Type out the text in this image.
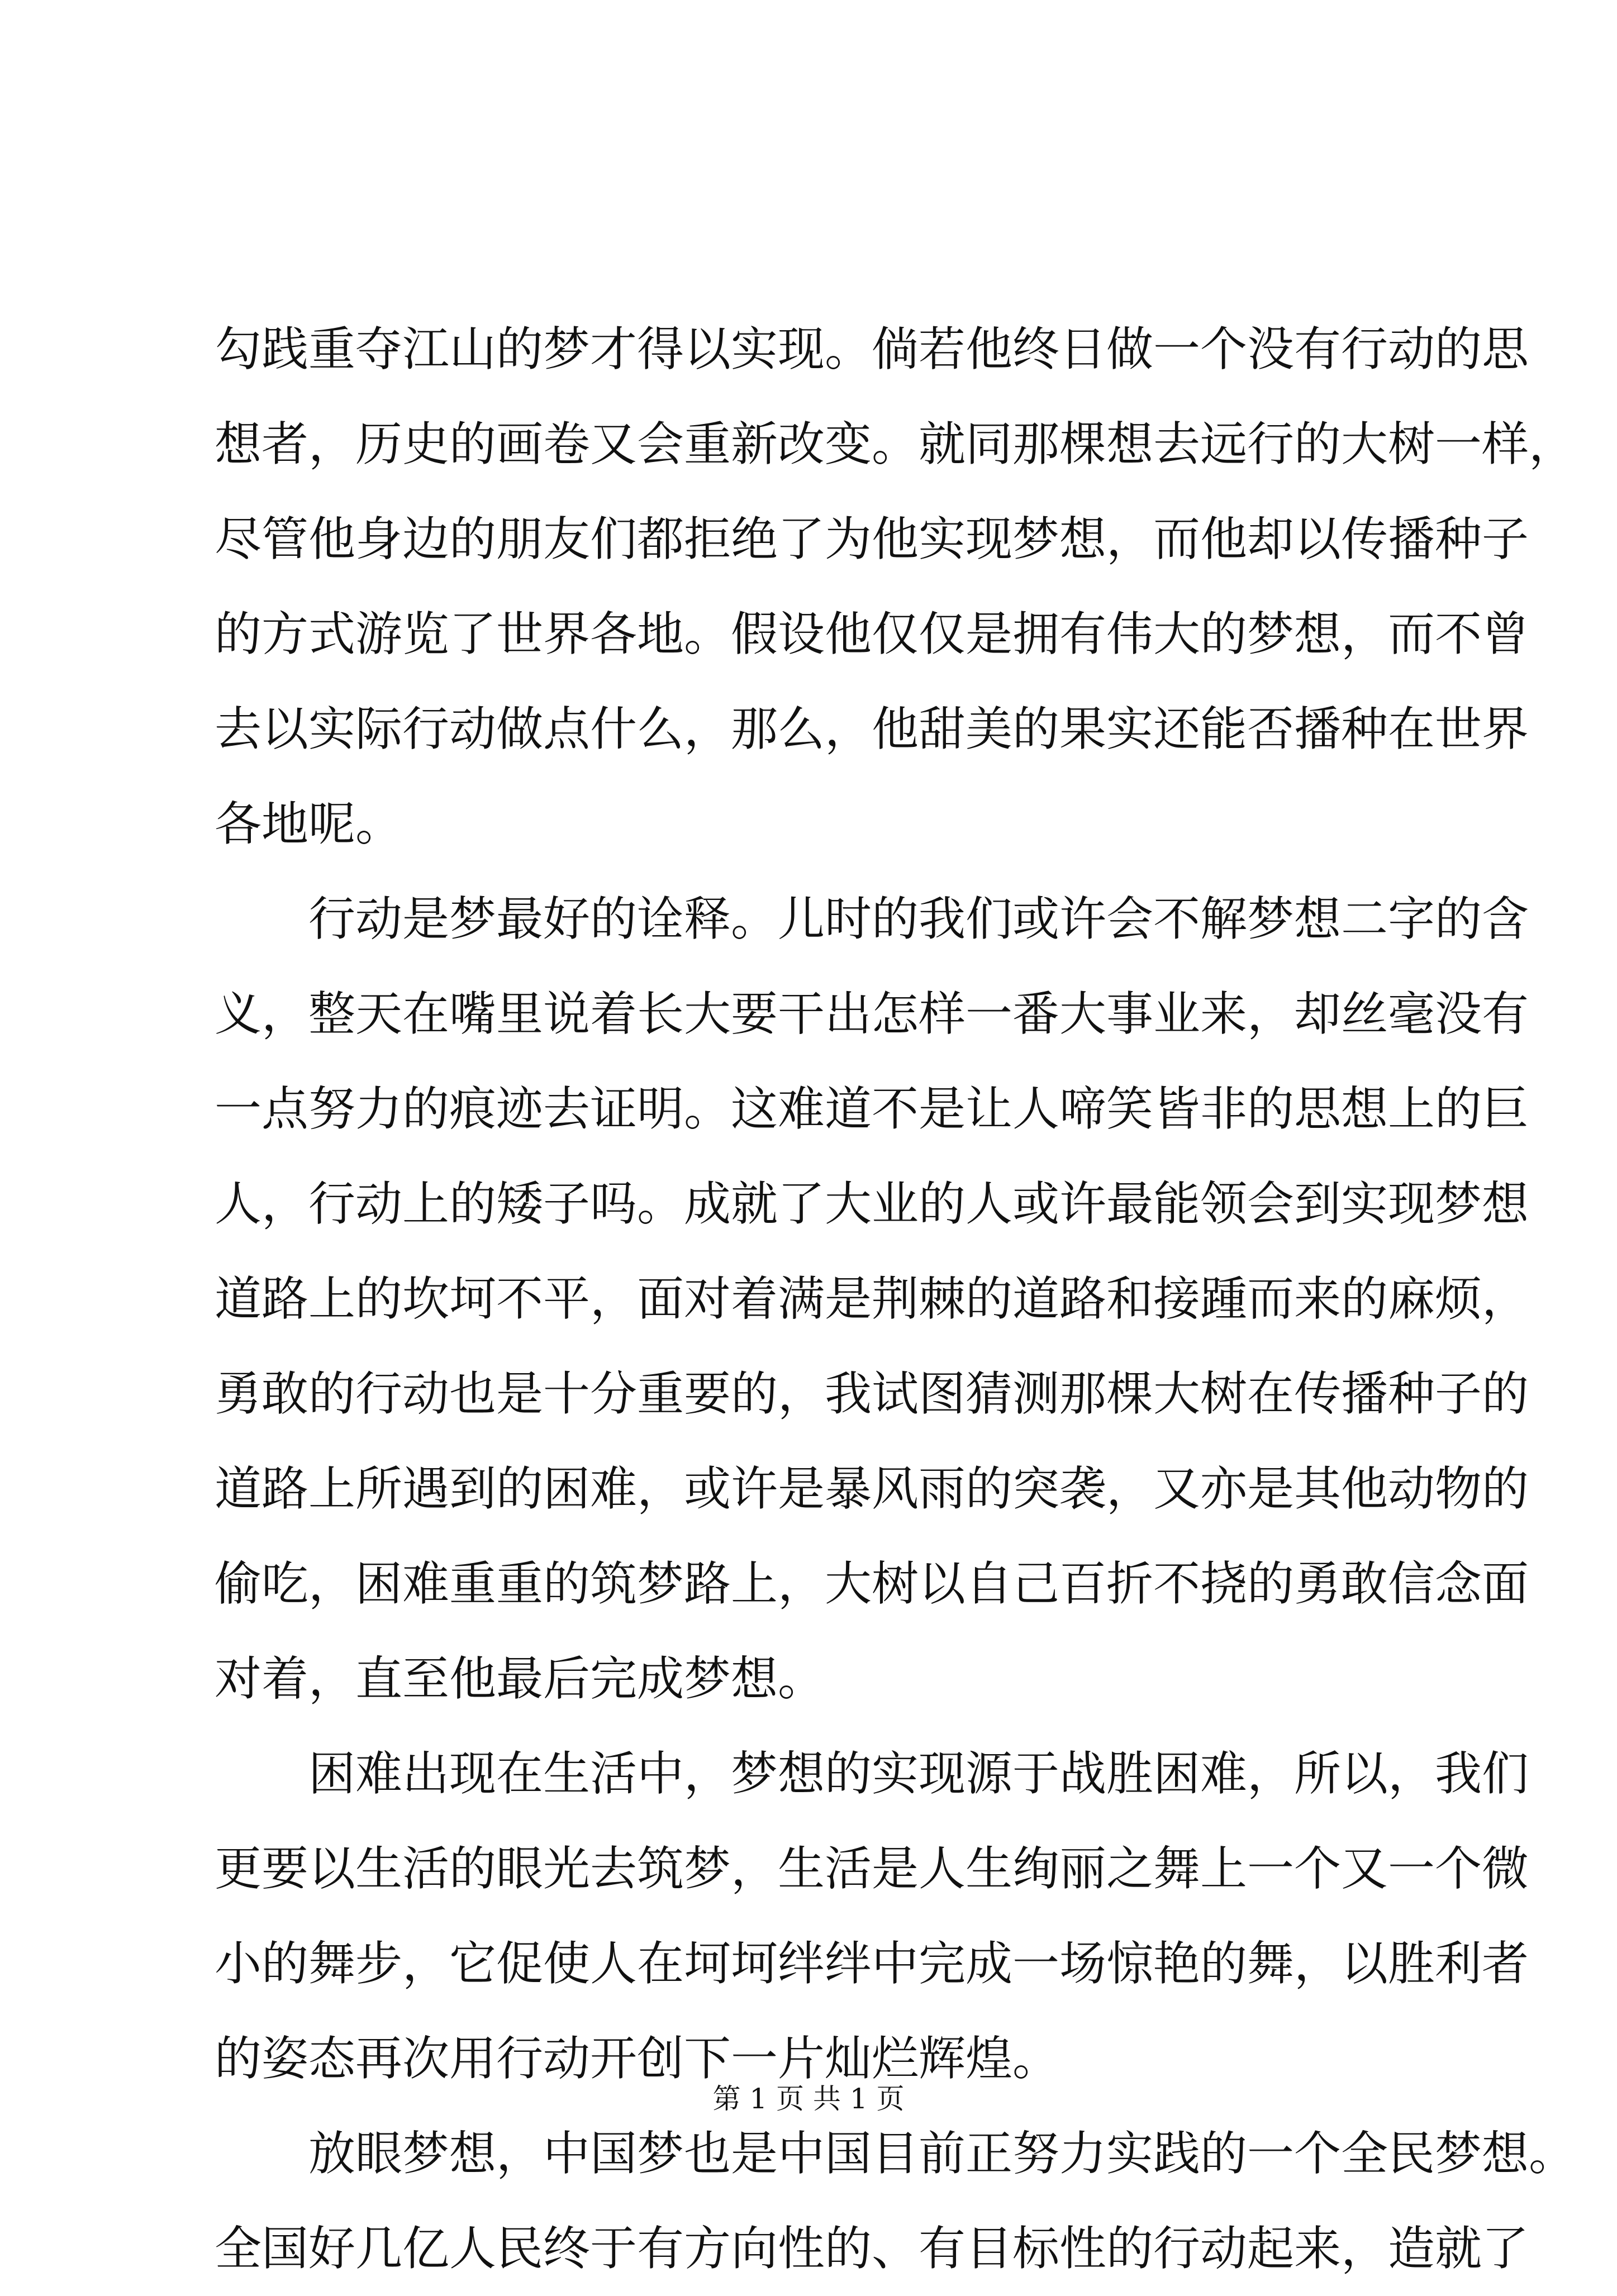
勾践重夺江山的梦才得以实现。倘若他终日做一个没有行动的思
想者，历史的画卷又会重新改变。就同那棵想去远行的大树一样，
尽管他身边的朋友们都拒绝了为他实现梦想，而他却以传播种子
的方式游览了世界各地。假设他仅仅是拥有伟大的梦想，而不曾
去以实际行动做点什么，那么，他甜美的果实还能否播种在世界
各地呢。
行动是梦最好的诠释。儿时的我们或许会不解梦想二字的含
义，整天在嘴里说着长大要干出怎样一番大事业来，却丝毫没有
一点努力的痕迹去证明。这难道不是让人啼笑皆非的思想上的巨
人，行动上的矮子吗。成就了大业的人或许最能领会到实现梦想
道路上的坎坷不平，面对着满是荆棘的道路和接踵而来的麻烦，
勇敢的行动也是十分重要的，我试图猜测那棵大树在传播种子的
道路上所遇到的困难，或许是暴风雨的突袭，又亦是其他动物的
偷吃，困难重重的筑梦路上，大树以自己百折不挠的勇敢信念面
对着，直至他最后完成梦想。
困难出现在生活中，梦想的实现源于战胜困难，所以，我们
更要以生活的眼光去筑梦，生活是人生绚丽之舞上一个又一个微
小的舞步，它促使人在坷坷绊绊中完成一场惊艳的舞，以胜利者
的姿态再次用行动开创下一片灿烂辉煌。
放眼梦想，中国梦也是中国目前正努力实践的一个全民梦想。
全国好几亿人民终于有方向性的、有目标性的行动起来，造就了
第 1 页 共 1 页
